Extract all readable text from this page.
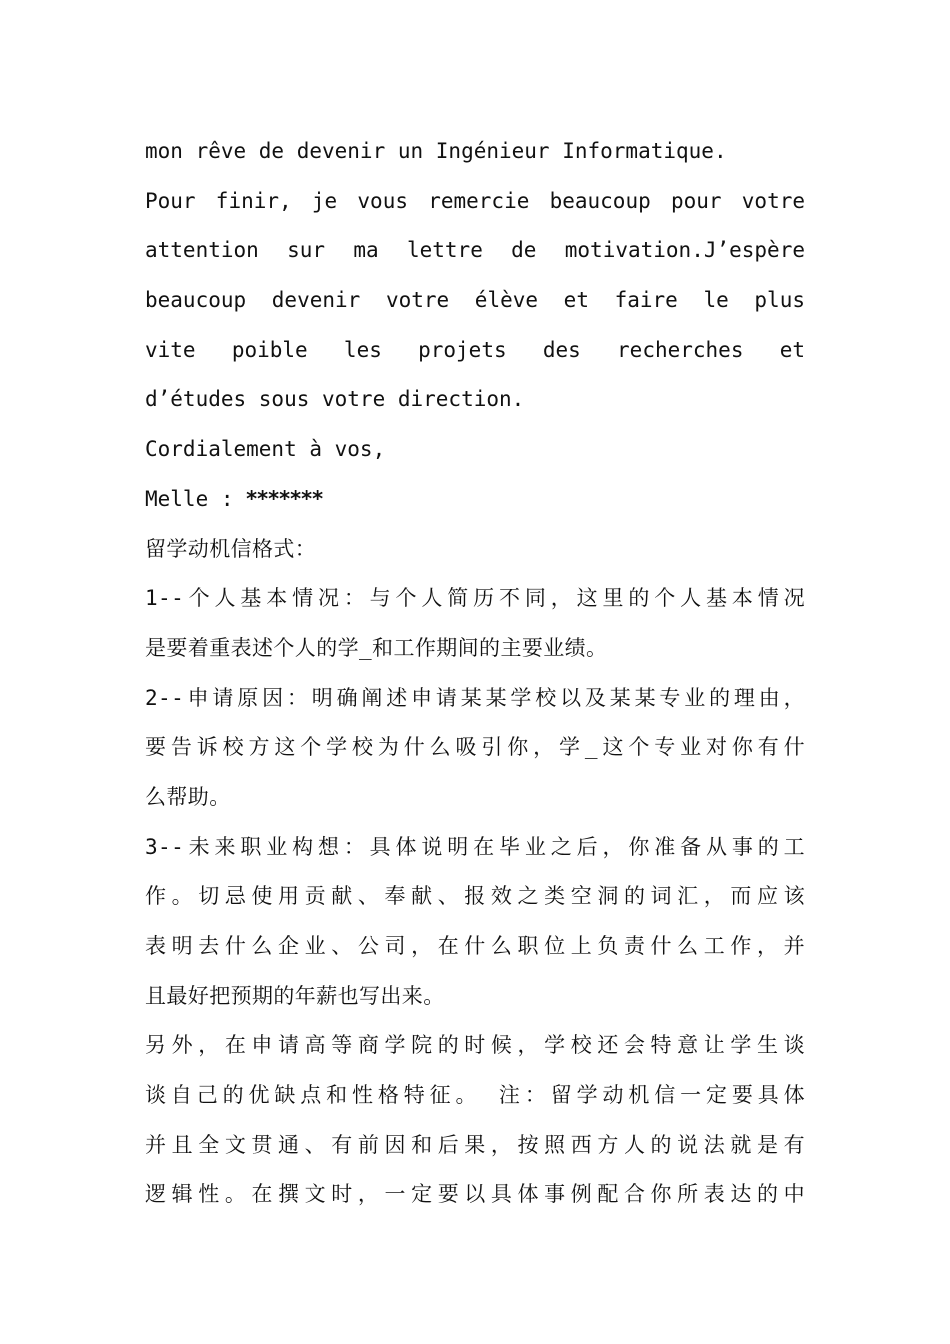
mon rêve de devenir un Ingénieur Informatique.
Pour finir, je vous remercie beaucoup pour votre
attention sur ma lettre de motivation.J’espère
beaucoup devenir votre élève et faire le plus
vite poible les projets des recherches et
d’études sous votre direction.
Cordialement à vos,
Melle : *******
留学动机信格式：
1--个人基本情况：与个人简历不同，这里的个人基本情况
是要着重表述个人的学_和工作期间的主要业绩。
2--申请原因：明确阐述申请某某学校以及某某专业的理由，
要告诉校方这个学校为什么吸引你，学_这个专业对你有什
么帮助。
3--未来职业构想：具体说明在毕业之后，你准备从事的工
作。切忌使用贡献、奉献、报效之类空洞的词汇，而应该
表明去什么企业、公司，在什么职位上负责什么工作，并
且最好把预期的年薪也写出来。
另外，在申请高等商学院的时候，学校还会特意让学生谈
谈自己的优缺点和性格特征。 注：留学动机信一定要具体
并且全文贯通、有前因和后果，按照西方人的说法就是有
逻辑性。在撰文时，一定要以具体事例配合你所表达的中
